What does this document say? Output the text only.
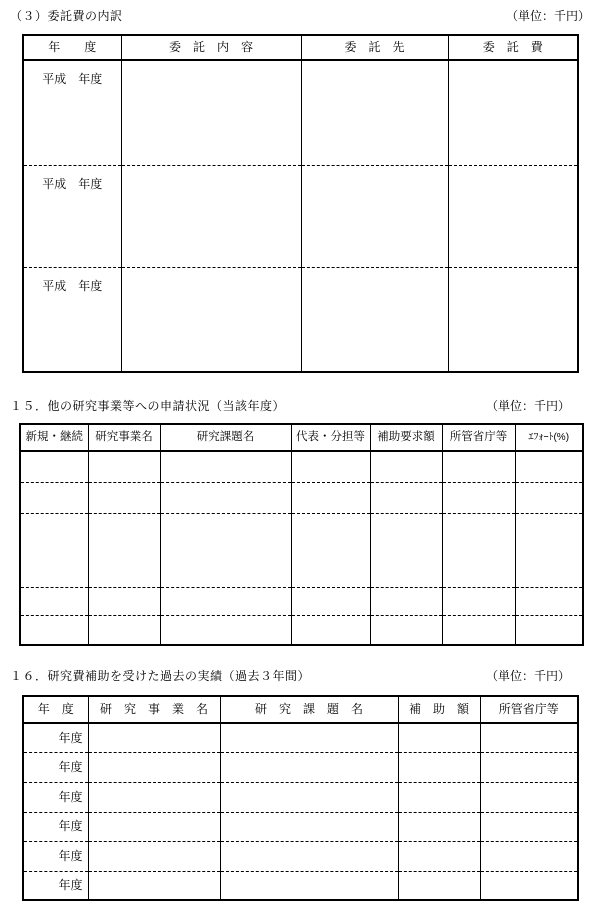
（３）委託費の内訳	（単位：千円）
年　　度	委　託　内　容	委　託　先	委　託　費
平成　年度			
平成　年度			
平成　年度			
１５．他の研究事業等への申請状況（当該年度）	（単位：千円）
新規・継続	研究事業名	研究課題名	代表・分担等	補助要求額	所管省庁等	ｴﾌｫｰﾄ(%)

１６．研究費補助を受けた過去の実績（過去３年間）	（単位：千円）
年　度	研　究　事　業　名	研　究　課　題　名	補　助　額	所管省庁等
年度				
年度				
年度				
年度				
年度				
年度				
